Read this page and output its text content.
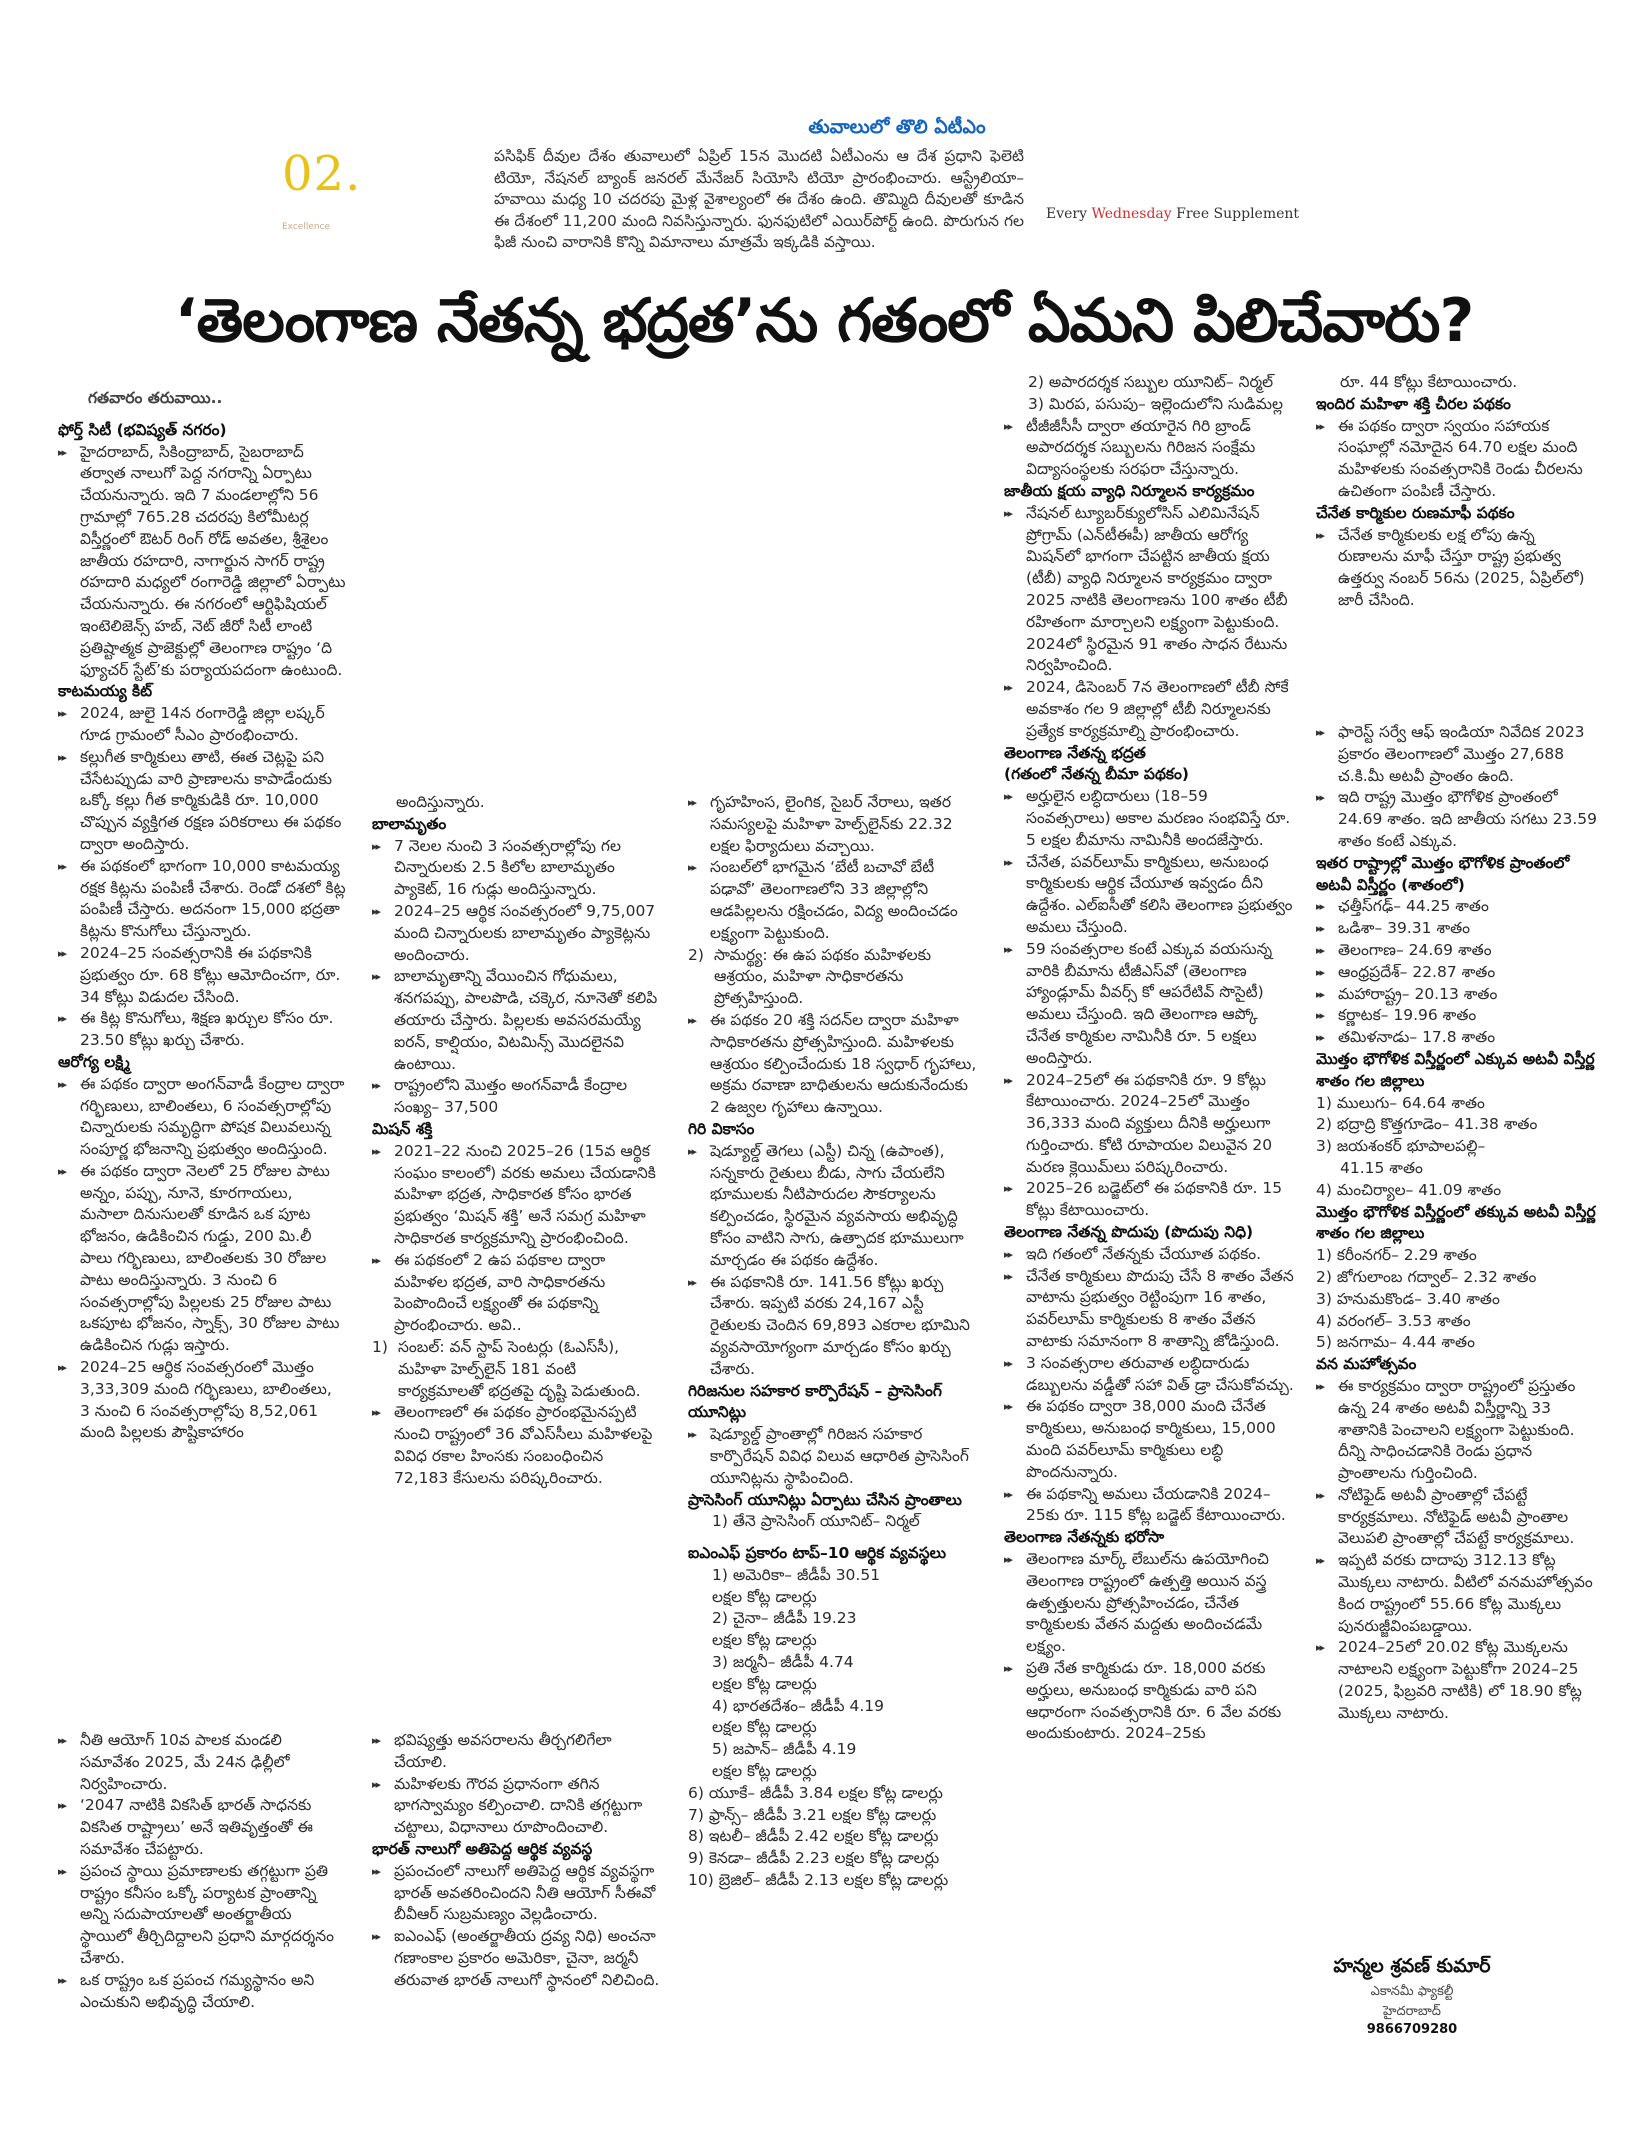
02.
Excellence
తువాలులో తొలి ఏటీఎం
పసిఫిక్ దీవుల దేశం తువాలులో ఏప్రిల్ 15న మొదటి ఏటీఎంను ఆ దేశ ప్రధాని ఫెలెటి టియో, నేషనల్ బ్యాంక్ జనరల్ మేనేజర్ సియోసి టియో ప్రారంభించారు. ఆస్ట్రేలియా–హవాయి మధ్య 10 చదరపు మైళ్ల వైశాల్యంలో ఈ దేశం ఉంది. తొమ్మిది దీవులతో కూడిన ఈ దేశంలో 11,200 మంది నివసిస్తున్నారు. ఫునఫుటిలో ఎయిర్‌పోర్ట్ ఉంది. పొరుగున గల ఫిజీ నుంచి వారానికి కొన్ని విమానాలు మాత్రమే ఇక్కడికి వస్తాయి.
Every Wednesday Free Supplement
‘తెలంగాణ నేతన్న భద్రత’ను గతంలో ఏమని పిలిచేవారు?

గతవారం తరువాయి..

ఫోర్త్ సిటీ (భవిష్యత్ నగరం)

▸▸ హైదరాబాద్, సికింద్రాబాద్, సైబరాబాద్ తర్వాత నాలుగో పెద్ద నగరాన్ని ఏర్పాటు చేయనున్నారు. ఇది 7 మండలాల్లోని 56 గ్రామాల్లో 765.28 చదరపు కిలోమీటర్ల విస్తీర్ణంలో ఔటర్ రింగ్ రోడ్ అవతల, శ్రీశైలం జాతీయ రహదారి, నాగార్జున సాగర్ రాష్ట్ర రహదారి మధ్యలో రంగారెడ్డి జిల్లాలో ఏర్పాటు చేయనున్నారు. ఈ నగరంలో ఆర్టిఫిషియల్ ఇంటెలిజెన్స్ హబ్, నెట్ జీరో సిటీ లాంటి ప్రతిష్టాత్మక ప్రాజెక్టుల్లో తెలంగాణ రాష్ట్రం ‘ది ఫ్యూచర్ స్టేట్’కు పర్యాయపదంగా ఉంటుంది.

కాటమయ్య కిట్

▸▸ 2024, జులై 14న రంగారెడ్డి జిల్లా లష్కర్ గూడ గ్రామంలో సీఎం ప్రారంభించారు.

▸▸ కల్లుగీత కార్మికులు తాటి, ఈత చెట్లపై పని చేసేటప్పుడు వారి ప్రాణాలను కాపాడేందుకు ఒక్కో కల్లు గీత కార్మికుడికి రూ. 10,000 చొప్పున వ్యక్తిగత రక్షణ పరికరాలు ఈ పథకం ద్వారా అందిస్తారు.

▸▸ ఈ పథకంలో భాగంగా 10,000 కాటమయ్య రక్షక కిట్లను పంపిణీ చేశారు. రెండో దశలో కిట్ల పంపిణీ చేస్తారు. అదనంగా 15,000 భద్రతా కిట్లను కొనుగోలు చేస్తున్నారు.

▸▸ 2024–25 సంవత్సరానికి ఈ పథకానికి ప్రభుత్వం రూ. 68 కోట్లు ఆమోదించగా, రూ. 34 కోట్లు విడుదల చేసింది.

▸▸ ఈ కిట్ల కొనుగోలు, శిక్షణ ఖర్చుల కోసం రూ. 23.50 కోట్లు ఖర్చు చేశారు.

ఆరోగ్య లక్ష్మి

▸▸ ఈ పథకం ద్వారా అంగన్‌వాడీ కేంద్రాల ద్వారా గర్భిణులు, బాలింతలు, 6 సంవత్సరాల్లోపు చిన్నారులకు సమృద్ధిగా పోషక విలువలున్న సంపూర్ణ భోజనాన్ని ప్రభుత్వం అందిస్తుంది.

▸▸ ఈ పథకం ద్వారా నెలలో 25 రోజుల పాటు అన్నం, పప్పు, నూనె, కూరగాయలు, మసాలా దినుసులతో కూడిన ఒక పూట భోజనం, ఉడికించిన గుడ్డు, 200 మి.లీ పాలు గర్భిణులు, బాలింతలకు 30 రోజుల పాటు అందిస్తున్నారు. 3 నుంచి 6 సంవత్సరాల్లోపు పిల్లలకు 25 రోజుల పాటు ఒకపూట భోజనం, స్నాక్స్, 30 రోజుల పాటు ఉడికించిన గుడ్లు ఇస్తారు.

▸▸ 2024–25 ఆర్థిక సంవత్సరంలో మొత్తం 3,33,309 మంది గర్భిణులు, బాలింతలు, 3 నుంచి 6 సంవత్సరాల్లోపు 8,52,061 మంది పిల్లలకు పౌష్టికాహారం

▸▸ నీతి ఆయోగ్ 10వ పాలక మండలి సమావేశం 2025, మే 24న ఢిల్లీలో నిర్వహించారు.

▸▸ ‘2047 నాటికి వికసిత్ భారత్ సాధనకు వికసిత రాష్ట్రాలు’ అనే ఇతివృత్తంతో ఈ సమావేశం చేపట్టారు.

▸▸ ప్రపంచ స్థాయి ప్రమాణాలకు తగ్గట్టుగా ప్రతి రాష్ట్రం కనీసం ఒక్కో పర్యాటక ప్రాంతాన్ని అన్ని సదుపాయాలతో అంతర్జాతీయ స్థాయిలో తీర్చిదిద్దాలని ప్రధాని మార్గదర్శనం చేశారు.

▸▸ ఒక రాష్ట్రం ఒక ప్రపంచ గమ్యస్థానం అని ఎంచుకుని అభివృద్ధి చేయాలి.

అందిస్తున్నారు.

బాలామృతం

▸▸ 7 నెలల నుంచి 3 సంవత్సరాల్లోపు గల చిన్నారులకు 2.5 కిలోల బాలామృతం ప్యాకెట్, 16 గుడ్లు అందిస్తున్నారు.

▸▸ 2024–25 ఆర్థిక సంవత్సరంలో 9,75,007 మంది చిన్నారులకు బాలామృతం ప్యాకెట్లను అందించారు.

▸▸ బాలామృతాన్ని వేయించిన గోధుమలు, శనగపప్పు, పాలపొడి, చక్కెర, నూనెతో కలిపి తయారు చేస్తారు. పిల్లలకు అవసరమయ్యే ఐరన్, కాల్షియం, విటమిన్స్ మొదలైనవి ఉంటాయి.

▸▸ రాష్ట్రంలోని మొత్తం అంగన్‌వాడీ కేంద్రాల సంఖ్య– 37,500

మిషన్ శక్తి

▸▸ 2021–22 నుంచి 2025–26 (15వ ఆర్థిక సంఘం కాలంలో) వరకు అమలు చేయడానికి మహిళా భద్రత, సాధికారత కోసం భారత ప్రభుత్వం ‘మిషన్ శక్తి’ అనే సమగ్ర మహిళా సాధికారత కార్యక్రమాన్ని ప్రారంభించింది.

▸▸ ఈ పథకంలో 2 ఉప పథకాల ద్వారా మహిళల భద్రత, వారి సాధికారతను పెంపొందించే లక్ష్యంతో ఈ పథకాన్ని ప్రారంభించారు. అవి..

1) సంబల్: వన్ స్టాప్ సెంటర్లు (ఓఎస్‌సీ), మహిళా హెల్ప్‌లైన్ 181 వంటి కార్యక్రమాలతో భద్రతపై దృష్టి పెడుతుంది.

▸▸ తెలంగాణలో ఈ పథకం ప్రారంభమైనప్పటి నుంచి రాష్ట్రంలో 36 వోఎస్‌సీలు మహిళలపై వివిధ రకాల హింసకు సంబంధించిన 72,183 కేసులను పరిష్కరించారు.

▸▸ భవిష్యత్తు అవసరాలను తీర్చగలిగేలా చేయాలి.

▸▸ మహిళలకు గౌరవ ప్రధానంగా తగిన భాగస్వామ్యం కల్పించాలి. దానికి తగ్గట్టుగా చట్టాలు, విధానాలు రూపొందించాలి.

భారత్ నాలుగో అతిపెద్ద ఆర్థిక వ్యవస్థ

▸▸ ప్రపంచంలో నాలుగో అతిపెద్ద ఆర్థిక వ్యవస్థగా భారత్ అవతరించిందని నీతి ఆయోగ్ సీఈవో బీవీఆర్ సుబ్రమణ్యం వెల్లడించారు.

▸▸ ఐఎంఎఫ్ (అంతర్జాతీయ ద్రవ్య నిధి) అంచనా గణాంకాల ప్రకారం అమెరికా, చైనా, జర్మనీ తరువాత భారత్ నాలుగో స్థానంలో నిలిచింది.

▸▸ గృహహింస, లైంగిక, సైబర్ నేరాలు, ఇతర సమస్యలపై మహిళా హెల్ప్‌లైన్‌కు 22.32 లక్షల ఫిర్యాదులు వచ్చాయి.

▸▸ సంబల్‌లో భాగమైన ‘బేటీ బచావో బేటీ పఢావో’ తెలంగాణలోని 33 జిల్లాల్లోని ఆడపిల్లలను రక్షించడం, విద్య అందించడం లక్ష్యంగా పెట్టుకుంది.

2) సామర్థ్య: ఈ ఉప పథకం మహిళలకు ఆశ్రయం, మహిళా సాధికారతను ప్రోత్సహిస్తుంది.

▸▸ ఈ పథకం 20 శక్తి సదన్‌ల ద్వారా మహిళా సాధికారతను ప్రోత్సహిస్తుంది. మహిళలకు ఆశ్రయం కల్పించేందుకు 18 స్వధార్ గృహాలు, అక్రమ రవాణా బాధితులను ఆదుకునేందుకు 2 ఉజ్వల గృహాలు ఉన్నాయి.

గిరి వికాసం

▸▸ షెడ్యూల్డ్ తెగలు (ఎస్టీ) చిన్న (ఉపాంత), సన్నకారు రైతులు బీడు, సాగు చేయలేని భూములకు నీటిపారుదల సౌకర్యాలను కల్పించడం, స్థిరమైన వ్యవసాయ అభివృద్ధి కోసం వాటిని సాగు, ఉత్పాదక భూములుగా మార్చడం ఈ పథకం ఉద్దేశం.

▸▸ ఈ పథకానికి రూ. 141.56 కోట్లు ఖర్చు చేశారు. ఇప్పటి వరకు 24,167 ఎస్టీ రైతులకు చెందిన 69,893 ఎకరాల భూమిని వ్యవసాయోగ్యంగా మార్చడం కోసం ఖర్చు చేశారు.

గిరిజనుల సహకార కార్పొరేషన్ – ప్రాసెసింగ్ యూనిట్లు

▸▸ షెడ్యూల్డ్ ప్రాంతాల్లో గిరిజన సహకార కార్పొరేషన్ వివిధ విలువ ఆధారిత ప్రాసెసింగ్ యూనిట్లను స్థాపించింది.

ప్రాసెసింగ్ యూనిట్లు ఏర్పాటు చేసిన ప్రాంతాలు

1) తేనె ప్రాసెసింగ్ యూనిట్– నిర్మల్

ఐఎంఎఫ్ ప్రకారం టాప్–10 ఆర్థిక వ్యవస్థలు

1) అమెరికా– జీడీపీ 30.51

లక్షల కోట్ల డాలర్లు

2) చైనా– జీడీపీ 19.23

లక్షల కోట్ల డాలర్లు

3) జర్మనీ– జీడీపీ 4.74

లక్షల కోట్ల డాలర్లు

4) భారతదేశం– జీడీపీ 4.19

లక్షల కోట్ల డాలర్లు

5) జపాన్– జీడీపీ 4.19

లక్షల కోట్ల డాలర్లు

6) యూకే– జీడీపీ 3.84 లక్షల కోట్ల డాలర్లు

7) ఫ్రాన్స్– జీడీపీ 3.21 లక్షల కోట్ల డాలర్లు

8) ఇటలీ– జీడీపీ 2.42 లక్షల కోట్ల డాలర్లు

9) కెనడా– జీడీపీ 2.23 లక్షల కోట్ల డాలర్లు

10) బ్రెజిల్– జీడీపీ 2.13 లక్షల కోట్ల డాలర్లు

2) అపారదర్శక సబ్బుల యూనిట్– నిర్మల్

3) మిరప, పసుపు– ఇల్లెందులోని సుడిమల్ల

▸▸ టీజీజీసీసీ ద్వారా తయారైన గిరి బ్రాండ్ అపారదర్శక సబ్బులను గిరిజన సంక్షేమ విద్యాసంస్థలకు సరఫరా చేస్తున్నారు.

జాతీయ క్షయ వ్యాధి నిర్మూలన కార్యక్రమం

▸▸ నేషనల్ ట్యూబర్‌క్యులోసిస్ ఎలిమినేషన్ ప్రోగ్రామ్ (ఎన్‌టీఈపీ) జాతీయ ఆరోగ్య మిషన్‌లో భాగంగా చేపట్టిన జాతీయ క్షయ (టీబీ) వ్యాధి నిర్మూలన కార్యక్రమం ద్వారా 2025 నాటికి తెలంగాణను 100 శాతం టీబీ రహితంగా మార్చాలని లక్ష్యంగా పెట్టుకుంది. 2024లో స్థిరమైన 91 శాతం సాధన రేటును నిర్వహించింది.

▸▸ 2024, డిసెంబర్ 7న తెలంగాణలో టీబీ సోకే అవకాశం గల 9 జిల్లాల్లో టీబీ నిర్మూలనకు ప్రత్యేక కార్యక్రమాల్ని ప్రారంభించారు.

తెలంగాణ నేతన్న భద్రత

(గతంలో నేతన్న బీమా పథకం)

▸▸ అర్హులైన లబ్ధిదారులు (18–59 సంవత్సరాలు) అకాల మరణం సంభవిస్తే రూ. 5 లక్షల బీమాను నామినీకి అందజేస్తారు.

▸▸ చేనేత, పవర్‌లూమ్ కార్మికులు, అనుబంధ కార్మికులకు ఆర్థిక చేయూత ఇవ్వడం దీని ఉద్దేశం. ఎల్ఐసీతో కలిసి తెలంగాణ ప్రభుత్వం అమలు చేస్తుంది.

▸▸ 59 సంవత్సరాల కంటే ఎక్కువ వయసున్న వారికి బీమాను టీజీఎస్‌వో (తెలంగాణ హ్యాండ్లూమ్ వీవర్స్ కో ఆపరేటివ్ సొసైటీ) అమలు చేస్తుంది. ఇది తెలంగాణ ఆప్కో చేనేత కార్మికుల నామినీకి రూ. 5 లక్షలు అందిస్తారు.

▸▸ 2024–25లో ఈ పథకానికి రూ. 9 కోట్లు కేటాయించారు. 2024–25లో మొత్తం 36,333 మంది వ్యక్తులు దీనికి అర్హులుగా గుర్తించారు. కోటి రూపాయల విలువైన 20 మరణ క్లెయిమ్‌లు పరిష్కరించారు.

▸▸ 2025–26 బడ్జెట్‌లో ఈ పథకానికి రూ. 15 కోట్లు కేటాయించారు.

తెలంగాణ నేతన్న పొదుపు (పొదుపు నిధి)

▸▸ ఇది గతంలో నేతన్నకు చేయూత పథకం.

▸▸ చేనేత కార్మికులు పొదుపు చేసే 8 శాతం వేతన వాటాను ప్రభుత్వం రెట్టింపుగా 16 శాతం, పవర్‌లూమ్ కార్మికులకు 8 శాతం వేతన వాటాకు సమానంగా 8 శాతాన్ని జోడిస్తుంది.

▸▸ 3 సంవత్సరాల తరువాత లబ్ధిదారుడు డబ్బులను వడ్డీతో సహా విత్ డ్రా చేసుకోవచ్చు.

▸▸ ఈ పథకం ద్వారా 38,000 మంది చేనేత కార్మికులు, అనుబంధ కార్మికులు, 15,000 మంది పవర్‌లూమ్ కార్మికులు లబ్ధి పొందనున్నారు.

▸▸ ఈ పథకాన్ని అమలు చేయడానికి 2024–25కు రూ. 115 కోట్ల బడ్జెట్ కేటాయించారు.

తెలంగాణ నేతన్నకు భరోసా

▸▸ తెలంగాణ మార్క్ లేబుల్‌ను ఉపయోగించి తెలంగాణ రాష్ట్రంలో ఉత్పత్తి అయిన వస్త్ర ఉత్పత్తులను ప్రోత్సహించడం, చేనేత కార్మికులకు వేతన మద్దతు అందించడమే లక్ష్యం.

▸▸ ప్రతి నేత కార్మికుడు రూ. 18,000 వరకు అర్హులు, అనుబంధ కార్మికుడు వారి పని ఆధారంగా సంవత్సరానికి రూ. 6 వేల వరకు అందుకుంటారు. 2024–25కు

రూ. 44 కోట్లు కేటాయించారు.

ఇందిర మహిళా శక్తి చీరల పథకం

▸▸ ఈ పథకం ద్వారా స్వయం సహాయక సంఘాల్లో నమోదైన 64.70 లక్షల మంది మహిళలకు సంవత్సరానికి రెండు చీరలను ఉచితంగా పంపిణీ చేస్తారు.

చేనేత కార్మికుల రుణమాఫీ పథకం

▸▸ చేనేత కార్మికులకు లక్ష లోపు ఉన్న రుణాలను మాఫీ చేస్తూ రాష్ట్ర ప్రభుత్వ ఉత్తర్వు నంబర్ 56ను (2025, ఏప్రిల్‌లో) జారీ చేసింది.

▸▸ ఫారెస్ట్ సర్వే ఆఫ్ ఇండియా నివేదిక 2023 ప్రకారం తెలంగాణలో మొత్తం 27,688 చ.కి.మీ అటవీ ప్రాంతం ఉంది.

▸▸ ఇది రాష్ట్ర మొత్తం భౌగోళిక ప్రాంతంలో 24.69 శాతం. ఇది జాతీయ సగటు 23.59 శాతం కంటే ఎక్కువ.

ఇతర రాష్ట్రాల్లో మొత్తం భౌగోళిక ప్రాంతంలో అటవీ విస్తీర్ణం (శాతంలో)

▸▸ ఛత్తీస్‌గఢ్– 44.25 శాతం

▸▸ ఒడిశా– 39.31 శాతం

▸▸ తెలంగాణ– 24.69 శాతం

▸▸ ఆంధ్రప్రదేశ్– 22.87 శాతం

▸▸ మహారాష్ట్ర– 20.13 శాతం

▸▸ కర్ణాటక– 19.96 శాతం

▸▸ తమిళనాడు– 17.8 శాతం

మొత్తం భౌగోళిక విస్తీర్ణంలో ఎక్కువ అటవీ విస్తీర్ణ శాతం గల జిల్లాలు

1) ములుగు– 64.64 శాతం

2) భద్రాద్రి కొత్తగూడెం– 41.38 శాతం

3) జయశంకర్ భూపాలపల్లి–

41.15 శాతం

4) మంచిర్యాల– 41.09 శాతం

మొత్తం భౌగోళిక విస్తీర్ణంలో తక్కువ అటవీ విస్తీర్ణ శాతం గల జిల్లాలు

1) కరీంనగర్– 2.29 శాతం

2) జోగులాంబ గద్వాల్– 2.32 శాతం

3) హనుమకొండ– 3.40 శాతం

4) వరంగల్– 3.53 శాతం

5) జనగామ– 4.44 శాతం

వన మహోత్సవం

▸▸ ఈ కార్యక్రమం ద్వారా రాష్ట్రంలో ప్రస్తుతం ఉన్న 24 శాతం అటవీ విస్తీర్ణాన్ని 33 శాతానికి పెంచాలని లక్ష్యంగా పెట్టుకుంది. దీన్ని సాధించడానికి రెండు ప్రధాన ప్రాంతాలను గుర్తించింది.

▸▸ నోటిఫైడ్ అటవీ ప్రాంతాల్లో చేపట్టే కార్యక్రమాలు. నోటిఫైడ్ అటవీ ప్రాంతాల వెలుపలి ప్రాంతాల్లో చేపట్టే కార్యక్రమాలు.

▸▸ ఇప్పటి వరకు దాదాపు 312.13 కోట్ల మొక్కలు నాటారు. వీటిలో వనమహోత్సవం కింద రాష్ట్రంలో 55.66 కోట్ల మొక్కలు పునరుజ్జీవింపబడ్డాయి.

▸▸ 2024–25లో 20.02 కోట్ల మొక్కలను నాటాలని లక్ష్యంగా పెట్టుకోగా 2024–25 (2025, ఫిబ్రవరి నాటికి) లో 18.90 కోట్ల మొక్కలు నాటారు.

హన్మల శ్రవణ్ కుమార్
ఎకానమీ ఫ్యాకల్టీ
హైదరాబాద్
9866709280
